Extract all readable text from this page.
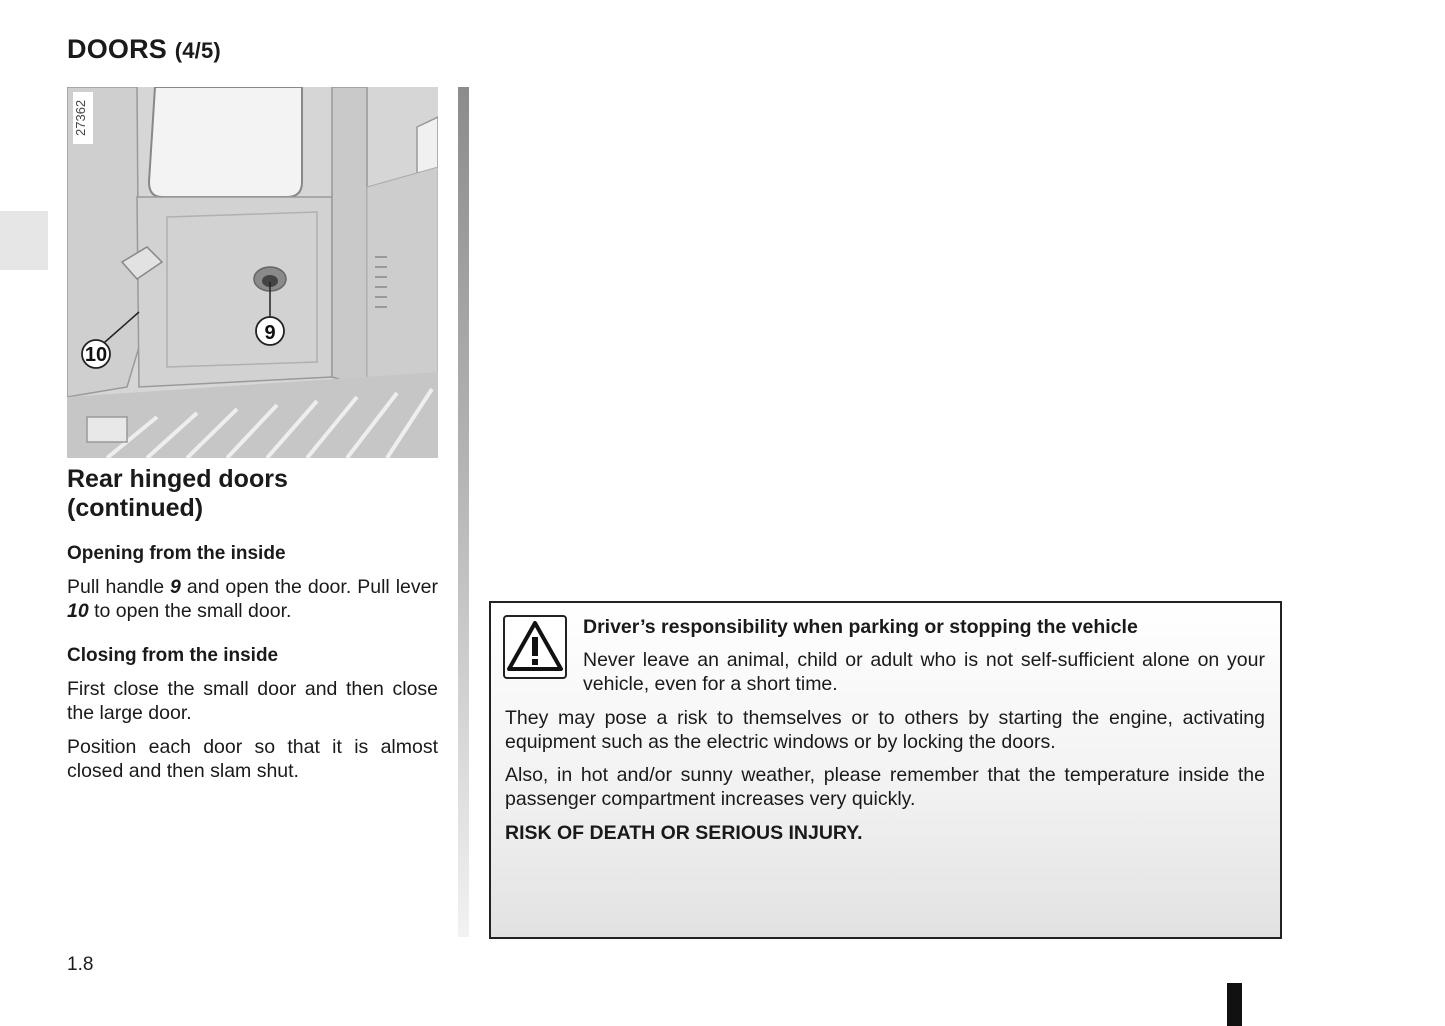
DOORS (4/5)
10
9
27362
Rear hinged doors
(continued)
Opening from the inside
Pull handle 9 and open the door. Pull lever 10 to open the small door.
Closing from the inside
First close the small door and then close the large door.
Position each door so that it is almost closed and then slam shut.
Driver’s responsibility when parking or stopping the vehicle
Never leave an animal, child or adult who is not self-sufficient alone on your vehicle, even for a short time.
They may pose a risk to themselves or to others by starting the engine, activating equipment such as the electric windows or by locking the doors.
Also, in hot and/or sunny weather, please remember that the temperature inside the passenger compartment increases very quickly.
RISK OF DEATH OR SERIOUS INJURY.
1.8
